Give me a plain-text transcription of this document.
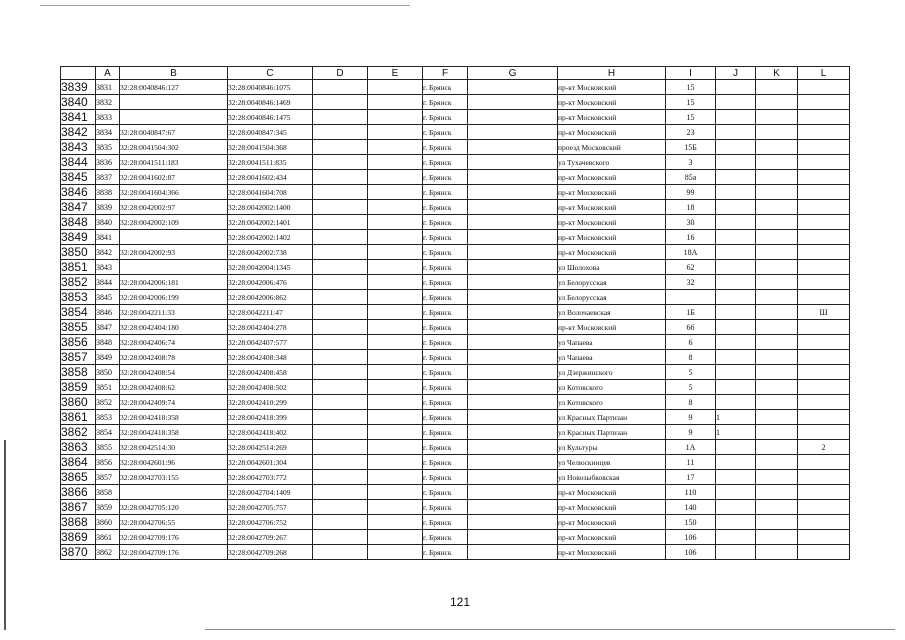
	A	B	C	D	E	F	G	H	I	J	K	L
3839	3831	32:28:0040846:127	32:28:0040846:1075			г. Брянск		пр-кт Московский	15			
3840	3832		32:28:0040846:1469			г. Брянск		пр-кт Московский	15			
3841	3833		32:28:0040846:1475			г. Брянск		пр-кт Московский	15			
3842	3834	32:28:0040847:67	32:28:0040847:345			г. Брянск		пр-кт Московский	23			
3843	3835	32:28:0041504:302	32:28:0041504:368			г. Брянск		проезд Московский	15Б			
3844	3836	32:28:0041511:183	32:28:0041511:835			г. Брянск		ул Тухачевского	3			
3845	3837	32:28:0041602:87	32:28:0041602:434			г. Брянск		пр-кт Московский	85а			
3846	3838	32:28:0041604:366	32:28:0041604:708			г. Брянск		пр-кт Московский	99			
3847	3839	32:28:0042002:97	32:28:0042002:1400			г. Брянск		пр-кт Московский	18			
3848	3840	32:28:0042002:109	32:28:0042002:1401			г. Брянск		пр-кт Московский	30			
3849	3841		32:28:0042002:1402			г. Брянск		пр-кт Московский	16			
3850	3842	32:28:0042002:93	32:28:0042002:738			г. Брянск		пр-кт Московский	18А			
3851	3843		32:28:0042004:1345			г. Брянск		ул Шолохова	62			
3852	3844	32:28:0042006:181	32:28:0042006:476			г. Брянск		ул Белорусская	32			
3853	3845	32:28:0042006:199	32:28:0042006:862			г. Брянск		ул Белорусская				
3854	3846	32:28:0042211:33	32:28:0042211:47			г. Брянск		ул Волочаевская	1Б			Ш
3855	3847	32:28:0042404:180	32:28:0042404:278			г. Брянск		пр-кт Московский	66			
3856	3848	32:28:0042406:74	32:28:0042407:577			г. Брянск		ул Чапаева	6			
3857	3849	32:28:0042408:78	32:28:0042408:348			г. Брянск		ул Чапаева	8			
3858	3850	32:28:0042408:54	32:28:0042408:458			г. Брянск		ул Дзержинского	5			
3859	3851	32:28:0042408:62	32:28:0042408:502			г. Брянск		ул Котовского	5			
3860	3852	32:28:0042409:74	32:28:0042410:299			г. Брянск		ул Котовского	8			
3861	3853	32:28:0042418:358	32:28:0042418:399			г. Брянск		ул Красных Партизан	9	1		
3862	3854	32:28:0042418:358	32:28:0042418:402			г. Брянск		ул Красных Партизан	9	1		
3863	3855	32:28:0042514:30	32:28:0042514:269			г. Брянск		ул Культуры	1А			2
3864	3856	32:28:0042601:96	32:28:0042601:304			г. Брянск		ул Челюскинцев	11			
3865	3857	32:28:0042703:155	32:28:0042703:772			г. Брянск		ул Новозыбковская	17			
3866	3858		32:28:0042704:1409			г. Брянск		пр-кт Московский	110			
3867	3859	32:28:0042705:120	32:28:0042705:757			г. Брянск		пр-кт Московский	140			
3868	3860	32:28:0042706:55	32:28:0042706:752			г. Брянск		пр-кт Московский	150			
3869	3861	32:28:0042709:176	32:28:0042709:267			г. Брянск		пр-кт Московский	106			
3870	3862	32:28:0042709:176	32:28:0042709:268			г. Брянск		пр-кт Московский	106			
121
